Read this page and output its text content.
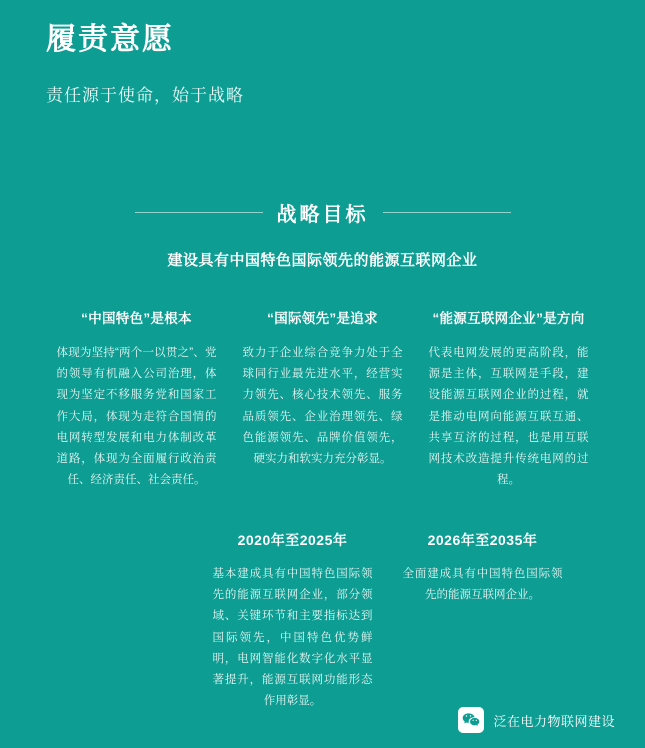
履责意愿
责任源于使命，始于战略
战略目标
建设具有中国特色国际领先的能源互联网企业
“中国特色”是根本
体现为坚持“两个一以贯之”、党的领导有机融入公司治理，体现为坚定不移服务党和国家工作大局，体现为走符合国情的电网转型发展和电力体制改革道路，体现为全面履行政治责任、经济责任、社会责任。
“国际领先”是追求
致力于企业综合竞争力处于全球同行业最先进水平，经营实力领先、核心技术领先、服务品质领先、企业治理领先、绿色能源领先、品牌价值领先，硬实力和软实力充分彰显。
“能源互联网企业”是方向
代表电网发展的更高阶段，能源是主体，互联网是手段，建设能源互联网企业的过程，就是推动电网向能源互联互通、共享互济的过程，也是用互联网技术改造提升传统电网的过程。
2020年至2025年
基本建成具有中国特色国际领先的能源互联网企业，部分领域、关键环节和主要指标达到国际领先，中国特色优势鲜明，电网智能化数字化水平显著提升，能源互联网功能形态作用彰显。
2026年至2035年
全面建成具有中国特色国际领先的能源互联网企业。
泛在电力物联网建设
